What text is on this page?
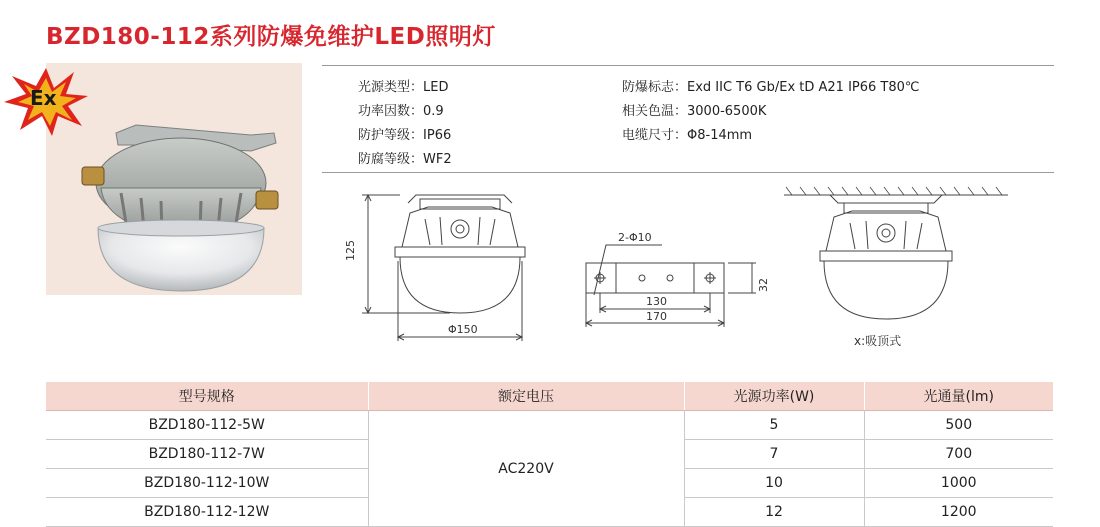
BZD180-112系列防爆免维护LED照明灯
Ex	光源类型：LED
功率因数：0.9
防护等级：IP66
防腐等级：WF2
防爆标志：Exd IIC T6 Gb/Ex tD A21 IP66 T80℃
相关色温：3000-6500K
电缆尺寸：Φ8-14mm
125
Φ150
2-Φ10
32
130
170
x:吸顶式
型号规格	额定电压	光源功率(W)	光通量(lm)
BZD180-112-5W	AC220V	5	500
BZD180-112-7W		7	700
BZD180-112-10W		10	1000
BZD180-112-12W		12	1200
